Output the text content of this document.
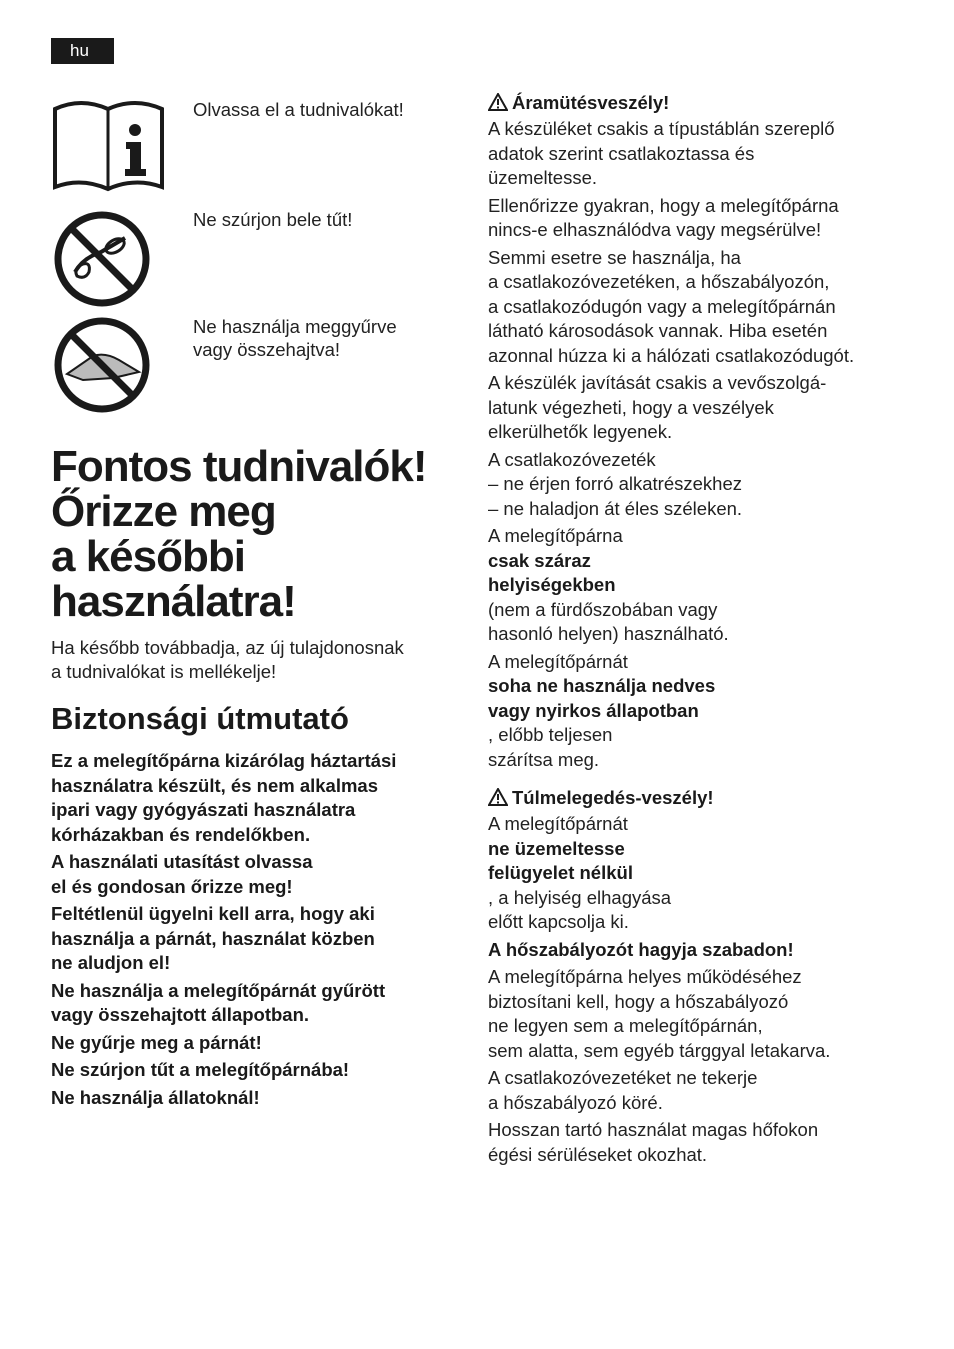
hu
Olvassa el a tudnivalókat!
Ne szúrjon bele tűt!
Ne használja meggyűrve
vagy összehajtva!
Fontos tudnivalók!
Őrizze meg
a későbbi
használatra!
Ha később továbbadja, az új tulajdonosnak
a tudnivalókat is mellékelje!
Biztonsági útmutató
Ez a melegítőpárna kizárólag háztartási
használatra készült, és nem alkalmas
ipari vagy gyógyászati használatra
kórházakban és rendelőkben.
A használati utasítást olvassa
el és gondosan őrizze meg!
Feltétlenül ügyelni kell arra, hogy aki
használja a párnát, használat közben
ne aludjon el!
Ne használja a melegítőpárnát gyűrött
vagy összehajtott állapotban.
Ne gyűrje meg a párnát!
Ne szúrjon tűt a melegítőpárnába!
Ne használja állatoknál!
Áramütésveszély!
A készüléket csakis a típustáblán szereplő
adatok szerint csatlakoztassa és
üzemeltesse.
Ellenőrizze gyakran, hogy a melegítőpárna
nincs-e elhasználódva vagy megsérülve!
Semmi esetre se használja, ha
a csatlakozóvezetéken, a hőszabályozón,
a csatlakozódugón vagy a melegítőpárnán
látható károsodások vannak. Hiba esetén
azonnal húzza ki a hálózati csatlakozódugót.
A készülék javítását csakis a vevőszolgá-
latunk végezheti, hogy a veszélyek
elkerülhetők legyenek.
A csatlakozóvezeték
– ne érjen forró alkatrészekhez
– ne haladjon át éles széleken.
A melegítőpárna
csak száraz
helyiségekben
(nem a fürdőszobában vagy
hasonló helyen) használható.
A melegítőpárnát
soha ne használja nedves
vagy nyirkos állapotban
, előbb teljesen
szárítsa meg.
Túlmelegedés-veszély!
A melegítőpárnát
ne üzemeltesse
felügyelet nélkül
, a helyiség elhagyása
előtt kapcsolja ki.
A hőszabályozót hagyja szabadon!
A melegítőpárna helyes működéséhez
biztosítani kell, hogy a hőszabályozó
ne legyen sem a melegítőpárnán,
sem alatta, sem egyéb tárggyal letakarva.
A csatlakozóvezetéket ne tekerje
a hőszabályozó köré.
Hosszan tartó használat magas hőfokon
égési sérüléseket okozhat.
